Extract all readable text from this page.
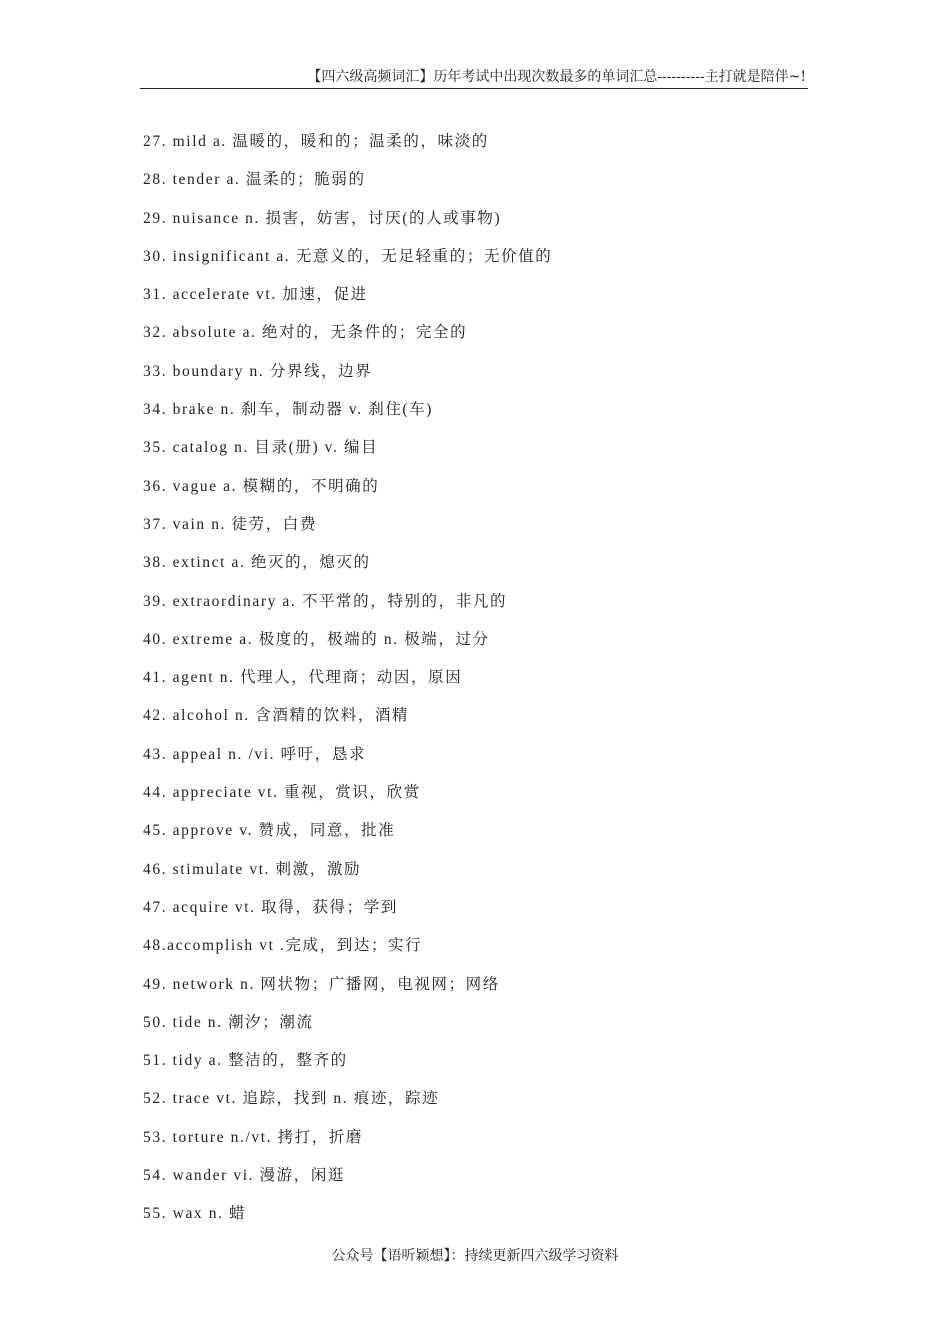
【四六级高频词汇】历年考试中出现次数最多的单词汇总----------主打就是陪伴~!
27. mild a. 温暖的，暖和的；温柔的，味淡的
28. tender a. 温柔的；脆弱的
29. nuisance n. 损害，妨害，讨厌(的人或事物)
30. insignificant a. 无意义的，无足轻重的；无价值的
31. accelerate vt. 加速，促进
32. absolute a. 绝对的，无条件的；完全的
33. boundary n. 分界线，边界
34. brake n. 刹车，制动器 v. 刹住(车)
35. catalog n. 目录(册) v. 编目
36. vague a. 模糊的，不明确的
37. vain n. 徒劳，白费
38. extinct a. 绝灭的，熄灭的
39. extraordinary a. 不平常的，特别的，非凡的
40. extreme a. 极度的，极端的 n. 极端，过分
41. agent n. 代理人，代理商；动因，原因
42. alcohol n. 含酒精的饮料，酒精
43. appeal n. /vi. 呼吁，恳求
44. appreciate vt. 重视，赏识，欣赏
45. approve v. 赞成，同意，批准
46. stimulate vt. 刺激，激励
47. acquire vt. 取得，获得；学到
48.accomplish vt .完成，到达；实行
49. network n. 网状物；广播网，电视网；网络
50. tide n. 潮汐；潮流
51. tidy a. 整洁的，整齐的
52. trace vt. 追踪，找到 n. 痕迹，踪迹
53. torture n./vt. 拷打，折磨
54. wander vi. 漫游，闲逛
55. wax n. 蜡
公众号【语听颖想】：持续更新四六级学习资料
